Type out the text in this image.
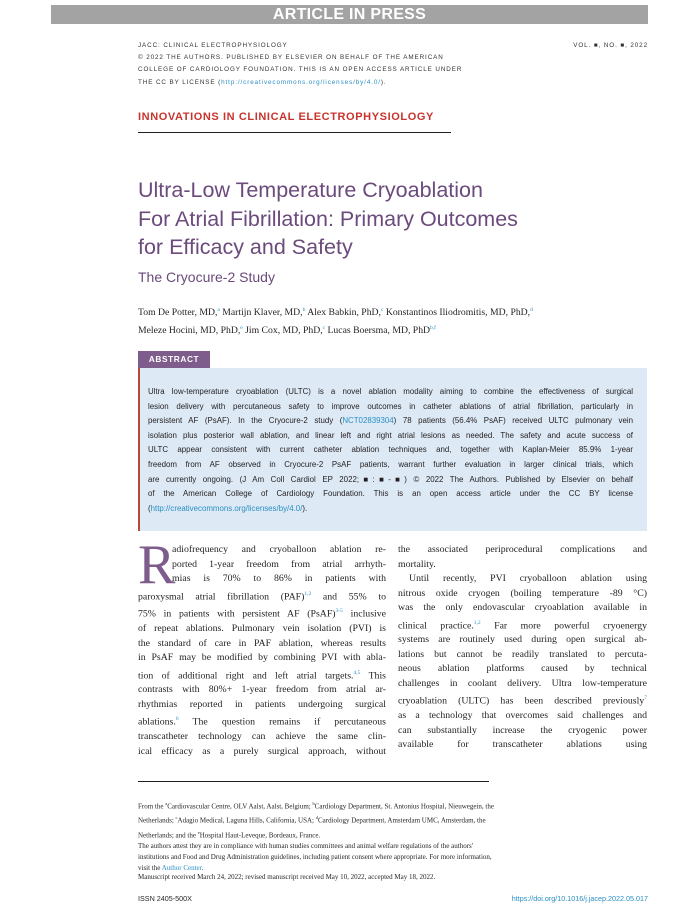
ARTICLE IN PRESS
JACC: CLINICAL ELECTROPHYSIOLOGY
© 2022 THE AUTHORS. PUBLISHED BY ELSEVIER ON BEHALF OF THE AMERICAN
COLLEGE OF CARDIOLOGY FOUNDATION. THIS IS AN OPEN ACCESS ARTICLE UNDER
THE CC BY LICENSE (http://creativecommons.org/licenses/by/4.0/).
VOL. ■, NO. ■, 2022
INNOVATIONS IN CLINICAL ELECTROPHYSIOLOGY
Ultra-Low Temperature Cryoablation
For Atrial Fibrillation: Primary Outcomes
for Efficacy and Safety
The Cryocure-2 Study
Tom De Potter, MD,$^a$ Martijn Klaver, MD,$^b$ Alex Babkin, PhD,$^c$ Konstantinos Iliodromitis, MD, PhD,$^d$
Meleze Hocini, MD, PhD,$^e$ Jim Cox, MD, PhD,$^c$ Lucas Boersma, MD, PhD$^{b,f}$
ABSTRACT
Ultra low-temperature cryoablation (ULTC) is a novel ablation modality aiming to combine the effectiveness of surgical
lesion delivery with percutaneous safety to improve outcomes in catheter ablations of atrial fibrillation, particularly in
persistent AF (PsAF). In the Cryocure-2 study (NCT02839304) 78 patients (56.4% PsAF) received ULTC pulmonary vein
isolation plus posterior wall ablation, and linear left and right atrial lesions as needed. The safety and acute success of
ULTC appear consistent with current catheter ablation techniques and, together with Kaplan-Meier 85.9% 1-year
freedom from AF observed in Cryocure-2 PsAF patients, warrant further evaluation in larger clinical trials, which
are currently ongoing. (J Am Coll Cardiol EP 2022;■:■-■) © 2022 The Authors. Published by Elsevier on behalf
of the American College of Cardiology Foundation. This is an open access article under the CC BY license
(http://creativecommons.org/licenses/by/4.0/).
R
adiofrequency and cryoballoon ablation re-
ported 1-year freedom from atrial arrhyth-
mias is 70% to 86% in patients with
paroxysmal atrial fibrillation (PAF)$^{1,2}$ and 55% to
75% in patients with persistent AF (PsAF)$^{3-5}$ inclusive
of repeat ablations. Pulmonary vein isolation (PVI) is
the standard of care in PAF ablation, whereas results
in PsAF may be modified by combining PVI with abla-
tion of additional right and left atrial targets.$^{4,5}$ This
contrasts with 80%+ 1-year freedom from atrial ar-
rhythmias reported in patients undergoing surgical
ablations.$^6$ The question remains if percutaneous
transcatheter technology can achieve the same clin-
ical efficacy as a purely surgical approach, without
the associated periprocedural complications and
mortality.
Until recently, PVI cryoballoon ablation using
nitrous oxide cryogen (boiling temperature -89 °C)
was the only endovascular cryoablation available in
clinical practice.$^{1,2}$ Far more powerful cryoenergy
systems are routinely used during open surgical ab-
lations but cannot be readily translated to percuta-
neous ablation platforms caused by technical
challenges in coolant delivery. Ultra low-temperature
cryoablation (ULTC) has been described previously$^7$
as a technology that overcomes said challenges and
can substantially increase the cryogenic power
available for transcatheter ablations using
From the $^a$Cardiovascular Centre, OLV Aalst, Aalst, Belgium; $^b$Cardiology Department, St. Antonius Hospital, Nieuwegein, the
Netherlands; $^c$Adagio Medical, Laguna Hills, California, USA; $^d$Cardiology Department, Amsterdam UMC, Amsterdam, the
Netherlands; and the $^e$Hospital Haut-Leveque, Bordeaux, France.
The authors attest they are in compliance with human studies committees and animal welfare regulations of the authors'
institutions and Food and Drug Administration guidelines, including patient consent where appropriate. For more information,
visit the Author Center.
Manuscript received March 24, 2022; revised manuscript received May 10, 2022, accepted May 18, 2022.
ISSN 2405-500X	https://doi.org/10.1016/j.jacep.2022.05.017
